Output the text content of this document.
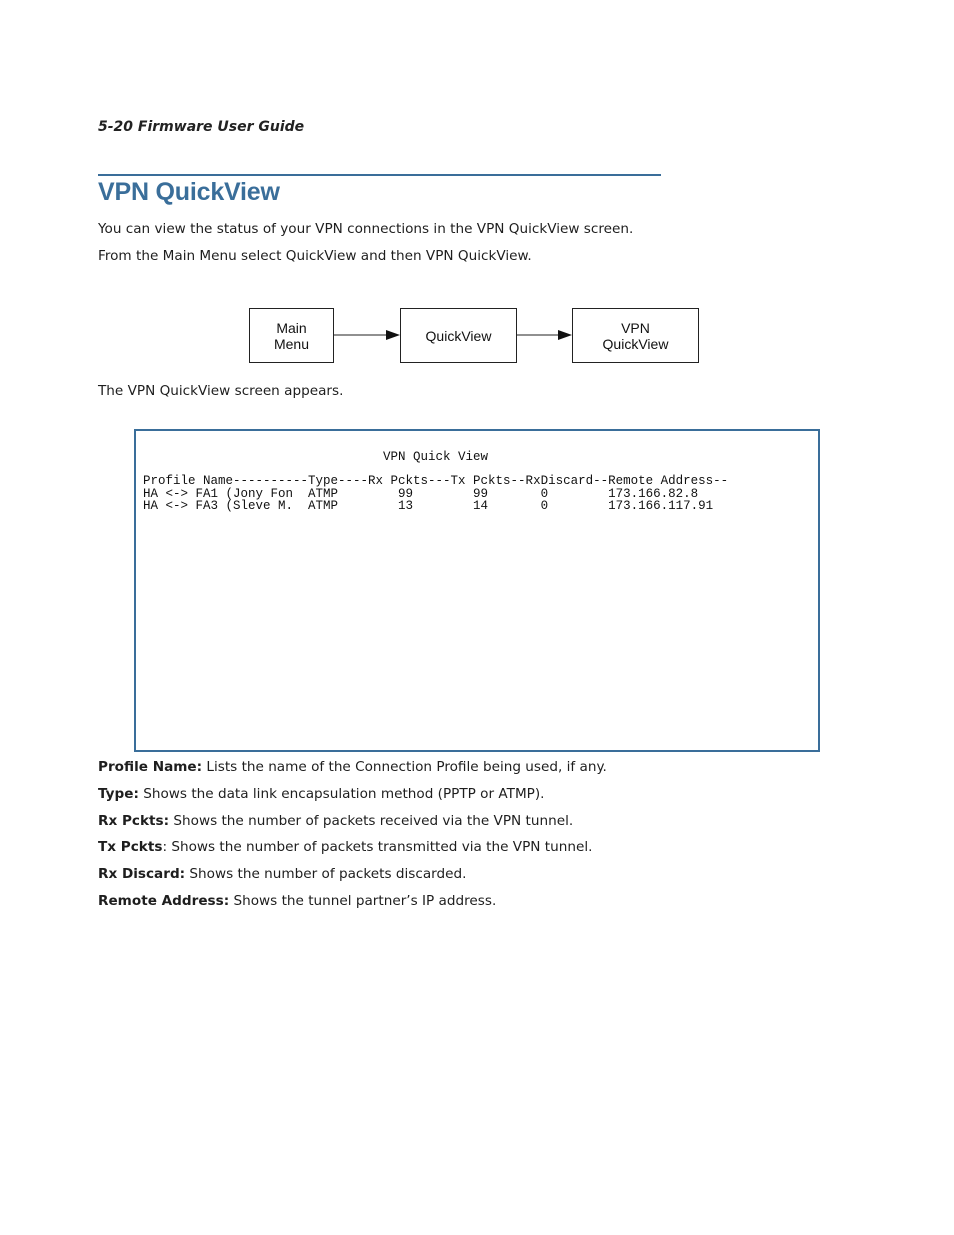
5-20 Firmware User Guide
VPN QuickView

You can view the status of your VPN connections in the VPN QuickView screen.

From the Main Menu select QuickView and then VPN QuickView.

Main
Menu	QuickView	VPN
QuickView

The VPN QuickView screen appears.

VPN Quick View
Profile Name----------Type----Rx Pckts---Tx Pckts--RxDiscard--Remote Address--
HA <-> FA1 (Jony Fon  ATMP        99        99       0        173.166.82.8
HA <-> FA3 (Sleve M.  ATMP        13        14       0        173.166.117.91

Profile Name: Lists the name of the Connection Profile being used, if any.

Type: Shows the data link encapsulation method (PPTP or ATMP).

Rx Pckts: Shows the number of packets received via the VPN tunnel.

Tx Pckts: Shows the number of packets transmitted via the VPN tunnel.

Rx Discard: Shows the number of packets discarded.

Remote Address: Shows the tunnel partner’s IP address.
